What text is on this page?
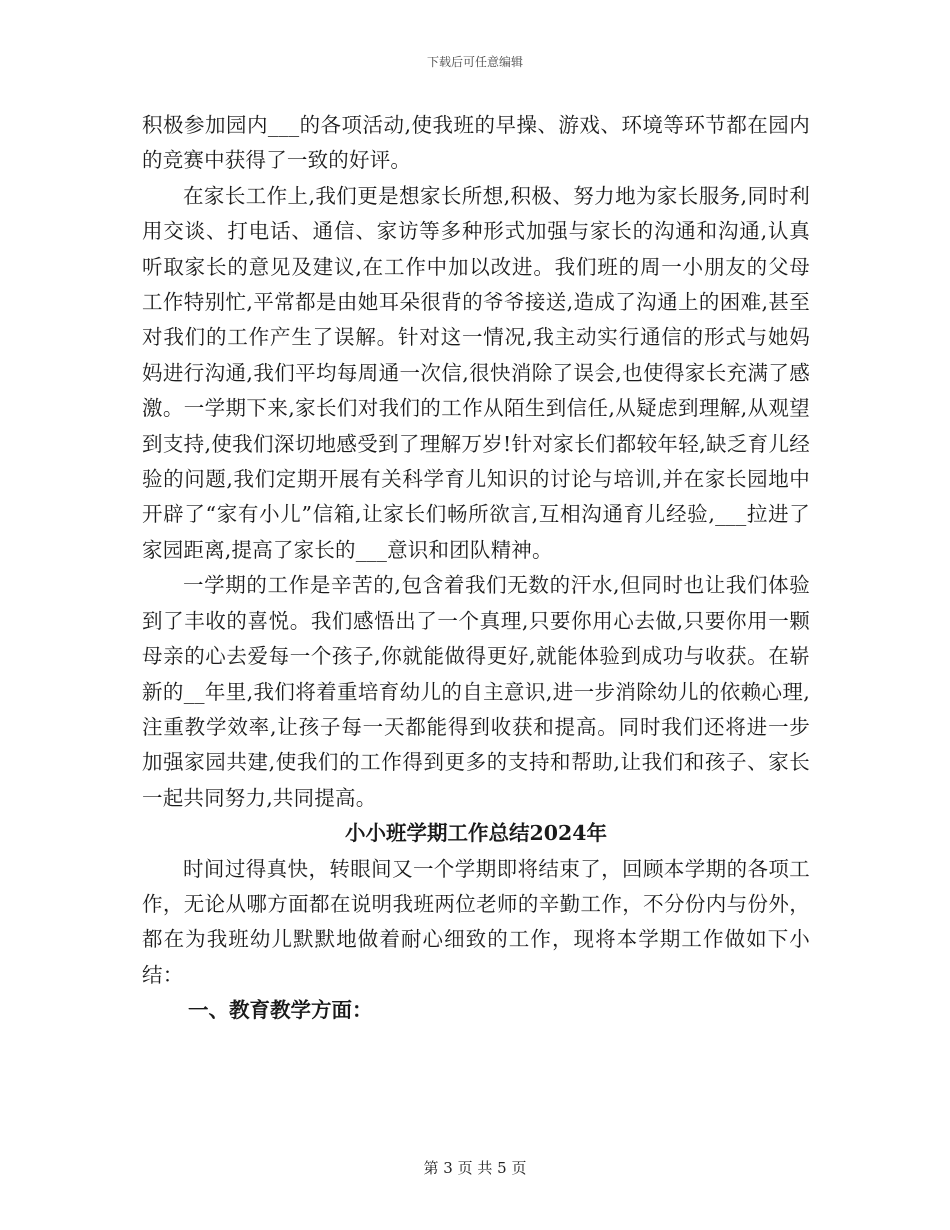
下载后可任意编辑

积极参加园内___的各项活动,使我班的早操、游戏、环境等环节都在园内的竞赛中获得了一致的好评。

在家长工作上,我们更是想家长所想,积极、努力地为家长服务,同时利用交谈、打电话、通信、家访等多种形式加强与家长的沟通和沟通,认真听取家长的意见及建议,在工作中加以改进。我们班的周一小朋友的父母工作特别忙,平常都是由她耳朵很背的爷爷接送,造成了沟通上的困难,甚至对我们的工作产生了误解。针对这一情况,我主动实行通信的形式与她妈妈进行沟通,我们平均每周通一次信,很快消除了误会,也使得家长充满了感激。一学期下来,家长们对我们的工作从陌生到信任,从疑虑到理解,从观望到支持,使我们深切地感受到了理解万岁!针对家长们都较年轻,缺乏育儿经验的问题,我们定期开展有关科学育儿知识的讨论与培训,并在家长园地中开辟了“家有小儿”信箱,让家长们畅所欲言,互相沟通育儿经验,___拉进了家园距离,提高了家长的___意识和团队精神。

一学期的工作是辛苦的,包含着我们无数的汗水,但同时也让我们体验到了丰收的喜悦。我们感悟出了一个真理,只要你用心去做,只要你用一颗母亲的心去爱每一个孩子,你就能做得更好,就能体验到成功与收获。在崭新的__年里,我们将着重培育幼儿的自主意识,进一步消除幼儿的依赖心理,注重教学效率,让孩子每一天都能得到收获和提高。同时我们还将进一步加强家园共建,使我们的工作得到更多的支持和帮助,让我们和孩子、家长一起共同努力,共同提高。

小小班学期工作总结2024年

时间过得真快，转眼间又一个学期即将结束了，回顾本学期的各项工作，无论从哪方面都在说明我班两位老师的辛勤工作，不分份内与份外，都在为我班幼儿默默地做着耐心细致的工作，现将本学期工作做如下小结：

一、教育教学方面：

第 3 页 共 5 页
